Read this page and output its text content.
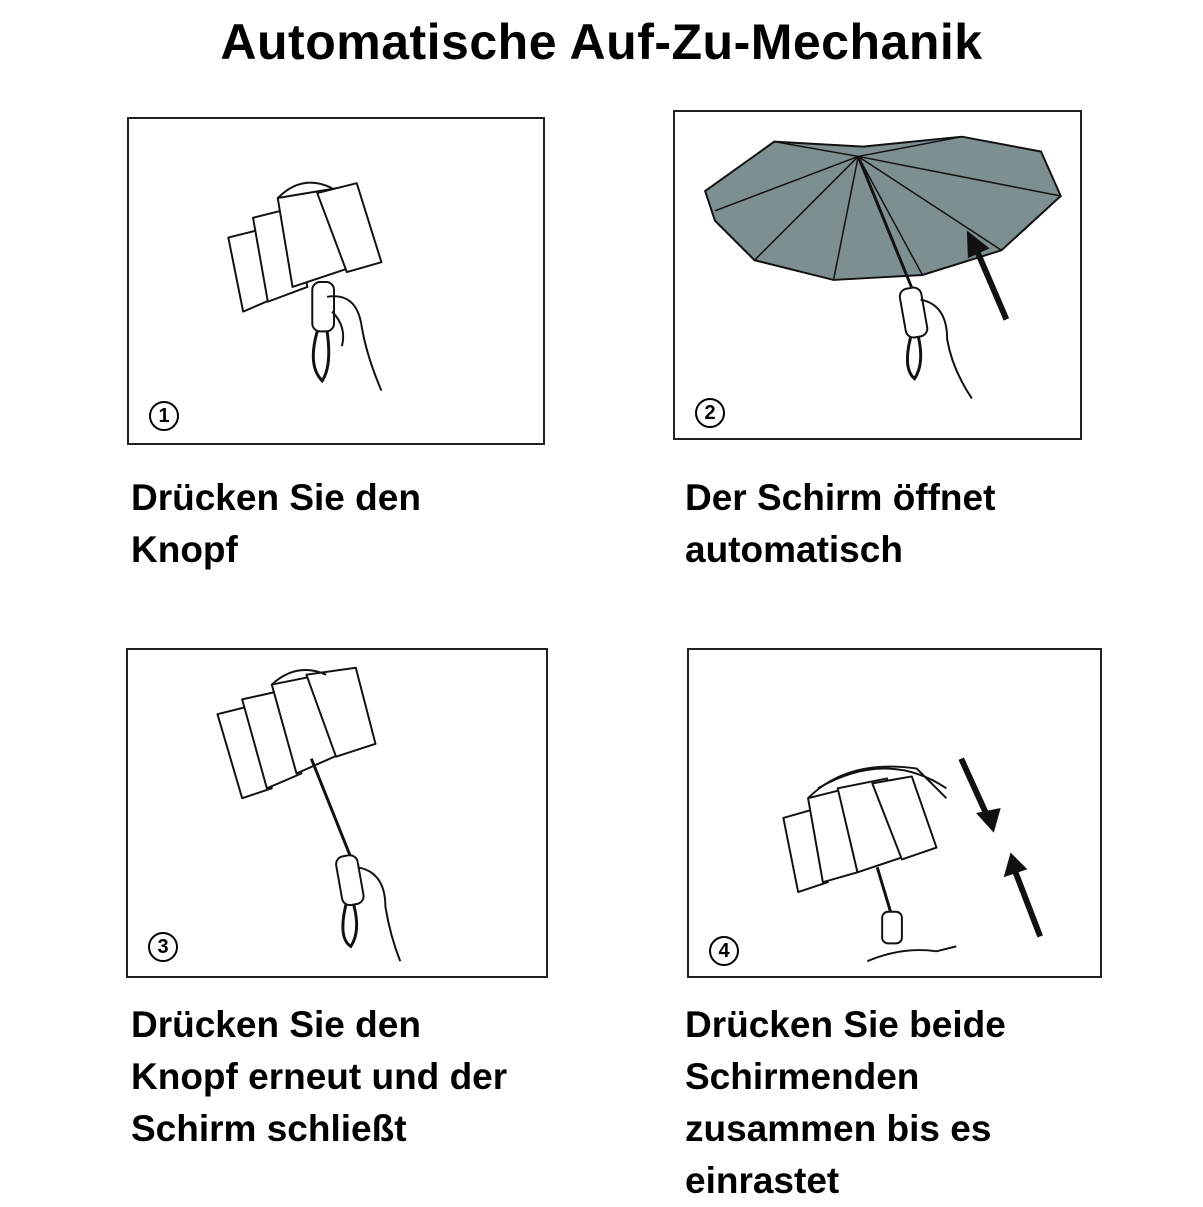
Automatische Auf-Zu-Mechanik
1	2
3	4
Drücken Sie den
Knopf
Der Schirm öffnet
automatisch
Drücken Sie den
Knopf erneut und der
Schirm schließt
Drücken Sie beide
Schirmenden
zusammen bis es
einrastet
